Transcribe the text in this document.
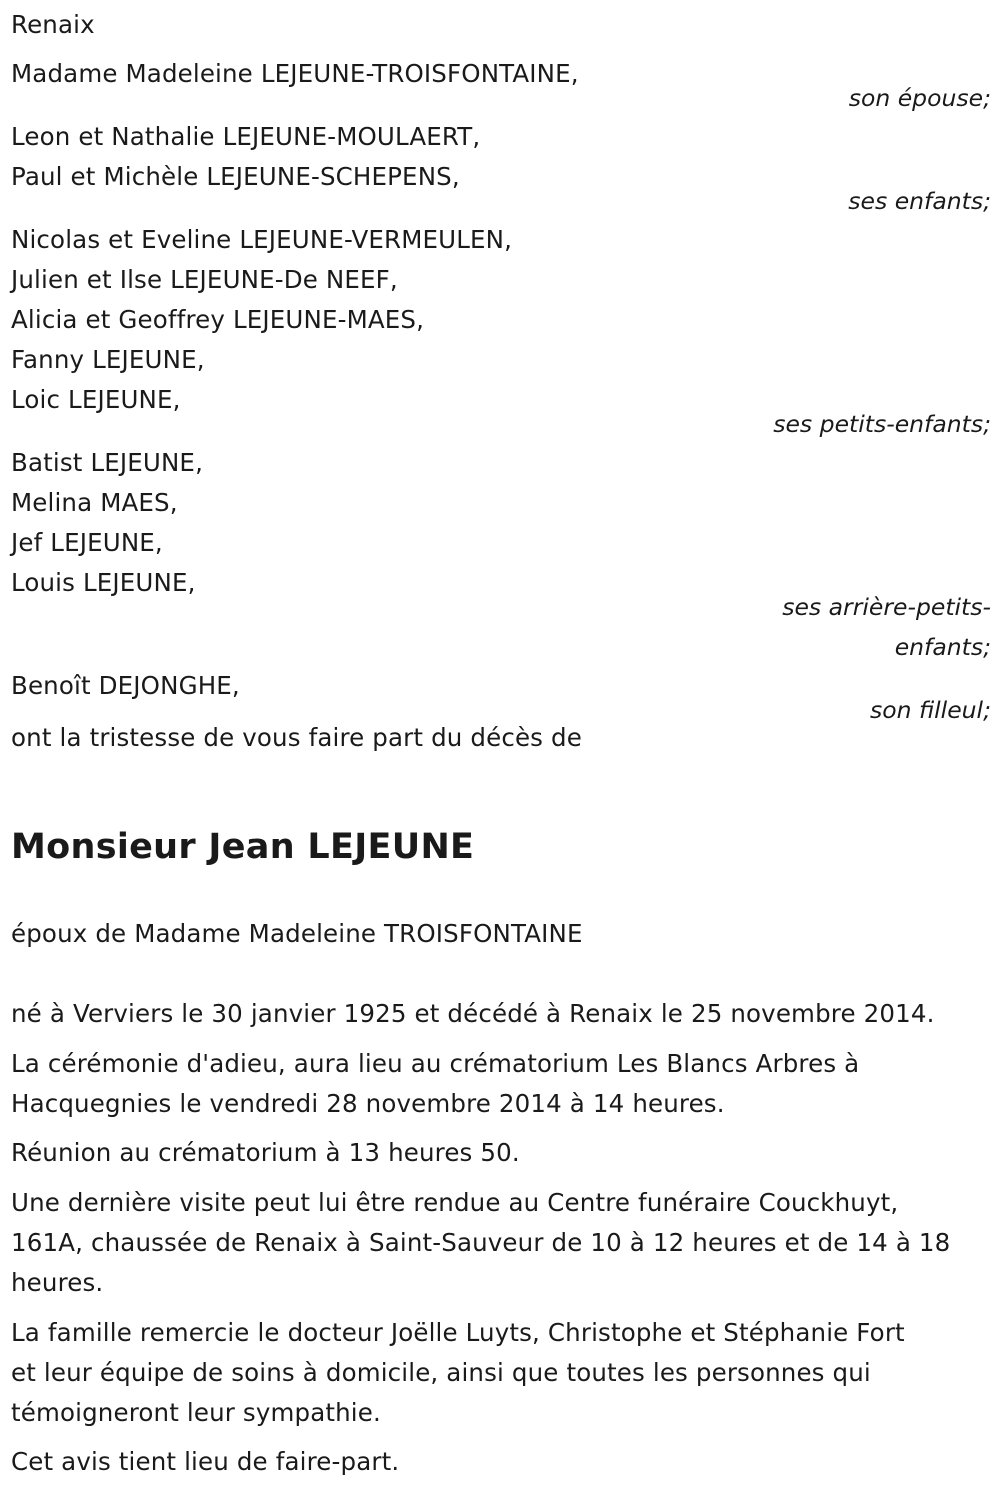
Renaix
Madame Madeleine LEJEUNE-TROISFONTAINE,
son épouse;
Leon et Nathalie LEJEUNE-MOULAERT,
Paul et Michèle LEJEUNE-SCHEPENS,
ses enfants;
Nicolas et Eveline LEJEUNE-VERMEULEN,
Julien et Ilse LEJEUNE-De NEEF,
Alicia et Geoffrey LEJEUNE-MAES,
Fanny LEJEUNE,
Loic LEJEUNE,
ses petits-enfants;
Batist LEJEUNE,
Melina MAES,
Jef LEJEUNE,
Louis LEJEUNE,
ses arrière-petits-
enfants;
Benoît DEJONGHE,
son filleul;
ont la tristesse de vous faire part du décès de
Monsieur Jean LEJEUNE
époux de Madame Madeleine TROISFONTAINE
né à Verviers le 30 janvier 1925 et décédé à Renaix le 25 novembre 2014.
La cérémonie d'adieu, aura lieu au crématorium Les Blancs Arbres à
Hacquegnies le vendredi 28 novembre 2014 à 14 heures.
Réunion au crématorium à 13 heures 50.
Une dernière visite peut lui être rendue au Centre funéraire Couckhuyt,
161A, chaussée de Renaix à Saint-Sauveur de 10 à 12 heures et de 14 à 18
heures.
La famille remercie le docteur Joëlle Luyts, Christophe et Stéphanie Fort
et leur équipe de soins à domicile, ainsi que toutes les personnes qui
témoigneront leur sympathie.
Cet avis tient lieu de faire-part.
